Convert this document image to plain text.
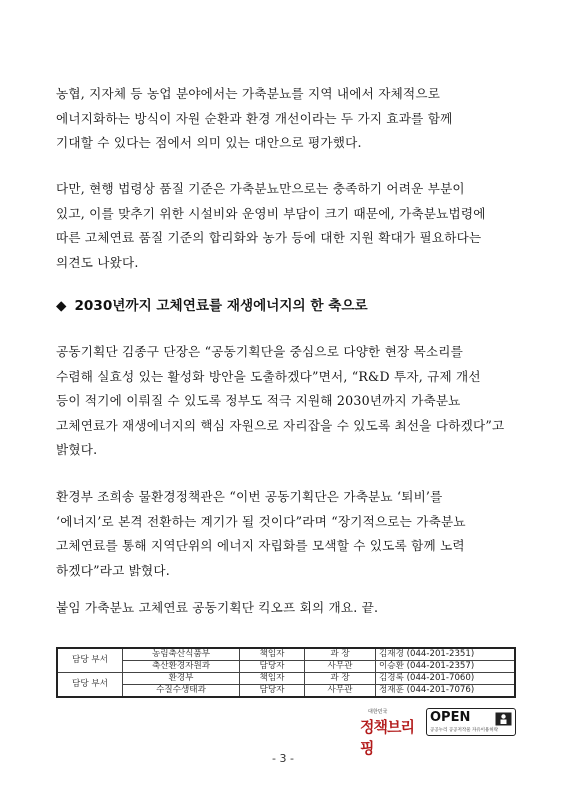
농협, 지자체 등 농업 분야에서는 가축분뇨를 지역 내에서 자체적으로
에너지화하는 방식이 자원 순환과 환경 개선이라는 두 가지 효과를 함께
기대할 수 있다는 점에서 의미 있는 대안으로 평가했다.
다만, 현행 법령상 품질 기준은 가축분뇨만으로는 충족하기 어려운 부분이
있고, 이를 맞추기 위한 시설비와 운영비 부담이 크기 때문에, 가축분뇨법령에
따른 고체연료 품질 기준의 합리화와 농가 등에 대한 지원 확대가 필요하다는
의견도 나왔다.
◆ 2030년까지 고체연료를 재생에너지의 한 축으로
공동기획단 김종구 단장은 “공동기획단을 중심으로 다양한 현장 목소리를
수렴해 실효성 있는 활성화 방안을 도출하겠다”면서, “R&D 투자, 규제 개선
등이 적기에 이뤄질 수 있도록 정부도 적극 지원해 2030년까지 가축분뇨
고체연료가 재생에너지의 핵심 자원으로 자리잡을 수 있도록 최선을 다하겠다”고
밝혔다.
환경부 조희송 물환경정책관은 “이번 공동기획단은 가축분뇨 ‘퇴비’를
‘에너지’로 본격 전환하는 계기가 될 것이다”라며 “장기적으로는 가축분뇨
고체연료를 통해 지역단위의 에너지 자립화를 모색할 수 있도록 함께 노력
하겠다”라고 밝혔다.
붙임 가축분뇨 고체연료 공동기획단 킥오프 회의 개요. 끝.
담당 부서	농림축산식품부	책임자	과 장	김재경 (044-201-2351)
	축산환경자원과	담당자	사무관	이승환 (044-201-2357)
담당 부서	환경부	책임자	과 장	김경록 (044-201-7060)
	수질수생태과	담당자	사무관	정재훈 (044-201-7076)
대한민국
정책브리핑
OPEN
공공누리 공공저작물 자유이용허락
- 3 -
